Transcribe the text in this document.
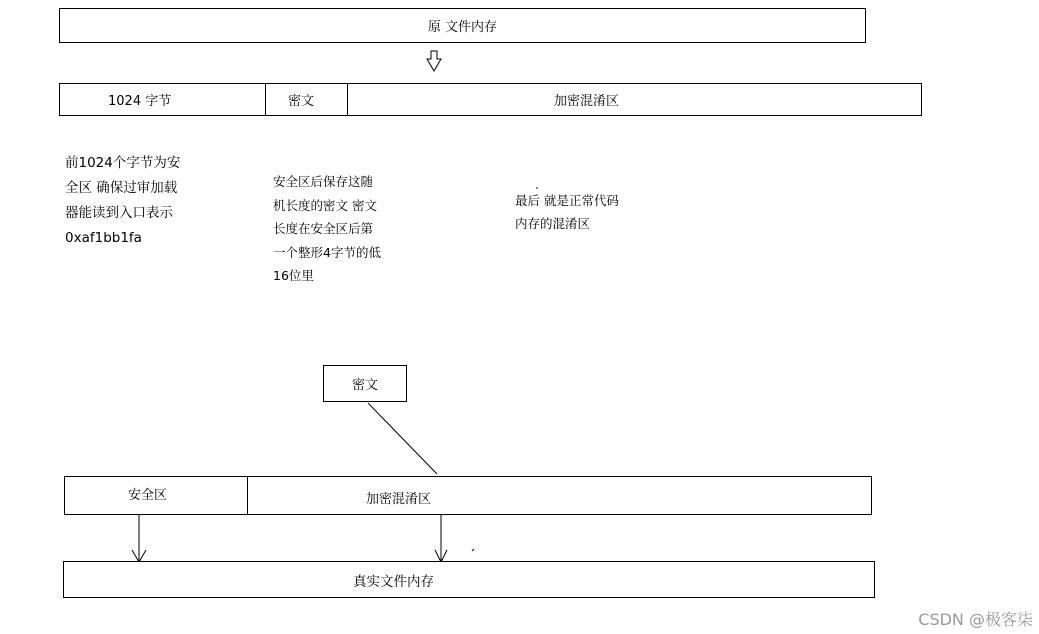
原 文件内存
1024 字节	密文	加密混淆区
前1024个字节为安
全区 确保过审加载
器能读到入口表示
0xaf1bb1fa
安全区后保存这随
机长度的密文 密文
长度在安全区后第
一个整形4字节的低
16位里
最后 就是正常代码
内存的混淆区
密文
安全区	加密混淆区
真实文件内存
CSDN @极客柒
